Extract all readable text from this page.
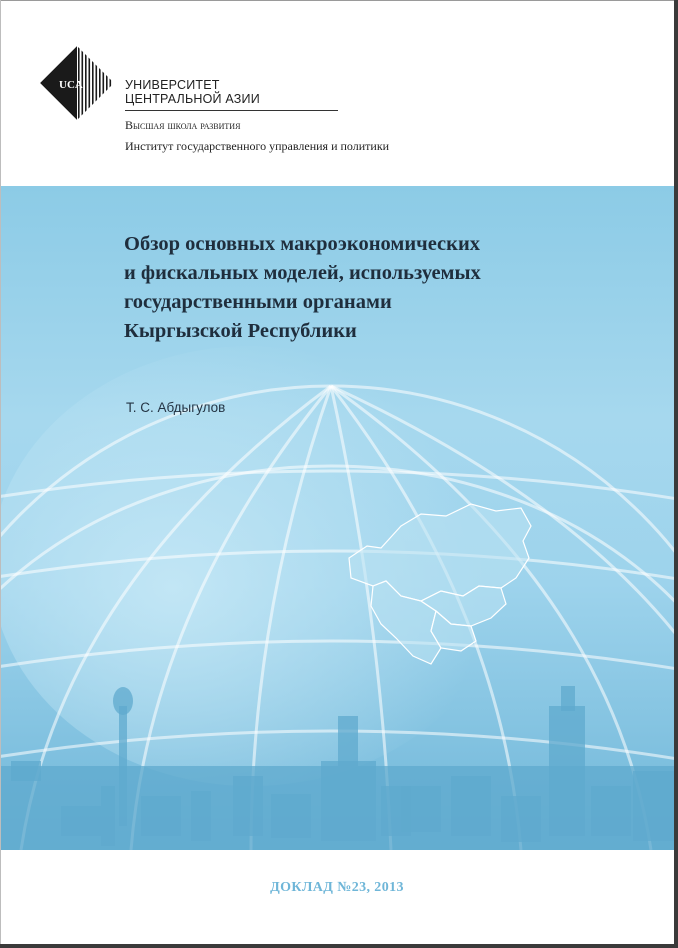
UCA	УНИВЕРСИТЕТ
ЦЕНТРАЛЬНОЙ АЗИИ
Высшая школа развития
Институт государственного управления и политики
Обзор основных макроэкономических
и фискальных моделей, используемых
государственными органами
Кыргызской Республики
Т. С. Абдыгулов
ДОКЛАД №23, 2013
